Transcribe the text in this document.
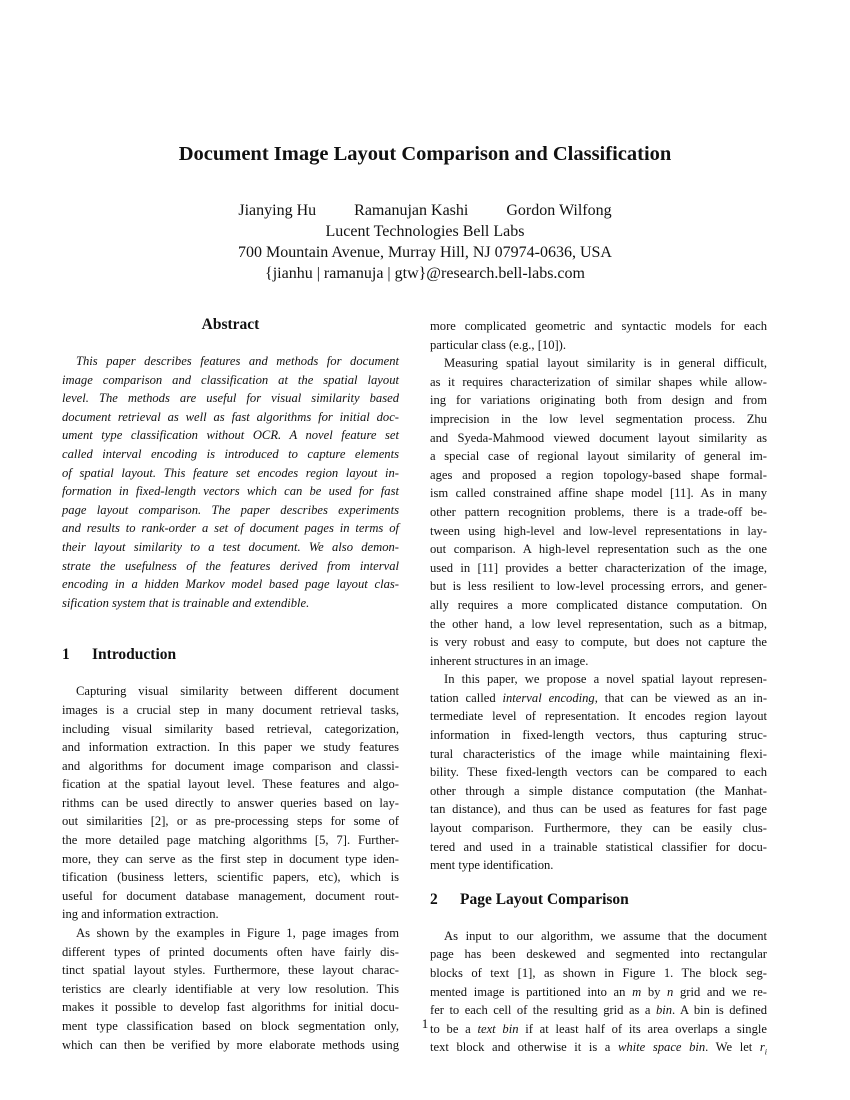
Document Image Layout Comparison and Classification
Jianying Hu Ramanujan Kashi Gordon Wilfong
Lucent Technologies Bell Labs
700 Mountain Avenue, Murray Hill, NJ 07974-0636, USA
{jianhu | ramanuja | gtw}@research.bell-labs.com
Abstract
This paper describes features and methods for document
image comparison and classification at the spatial layout
level. The methods are useful for visual similarity based
document retrieval as well as fast algorithms for initial doc-
ument type classification without OCR. A novel feature set
called interval encoding is introduced to capture elements
of spatial layout. This feature set encodes region layout in-
formation in fixed-length vectors which can be used for fast
page layout comparison. The paper describes experiments
and results to rank-order a set of document pages in terms of
their layout similarity to a test document. We also demon-
strate the usefulness of the features derived from interval
encoding in a hidden Markov model based page layout clas-
sification system that is trainable and extendible.
1 Introduction
Capturing visual similarity between different document
images is a crucial step in many document retrieval tasks,
including visual similarity based retrieval, categorization,
and information extraction. In this paper we study features
and algorithms for document image comparison and classi-
fication at the spatial layout level. These features and algo-
rithms can be used directly to answer queries based on lay-
out similarities [2], or as pre-processing steps for some of
the more detailed page matching algorithms [5, 7]. Further-
more, they can serve as the first step in document type iden-
tification (business letters, scientific papers, etc), which is
useful for document database management, document rout-
ing and information extraction.
As shown by the examples in Figure 1, page images from
different types of printed documents often have fairly dis-
tinct spatial layout styles. Furthermore, these layout charac-
teristics are clearly identifiable at very low resolution. This
makes it possible to develop fast algorithms for initial docu-
ment type classification based on block segmentation only,
which can then be verified by more elaborate methods using
more complicated geometric and syntactic models for each
particular class (e.g., [10]).
Measuring spatial layout similarity is in general difficult,
as it requires characterization of similar shapes while allow-
ing for variations originating both from design and from
imprecision in the low level segmentation process. Zhu
and Syeda-Mahmood viewed document layout similarity as
a special case of regional layout similarity of general im-
ages and proposed a region topology-based shape formal-
ism called constrained affine shape model [11]. As in many
other pattern recognition problems, there is a trade-off be-
tween using high-level and low-level representations in lay-
out comparison. A high-level representation such as the one
used in [11] provides a better characterization of the image,
but is less resilient to low-level processing errors, and gener-
ally requires a more complicated distance computation. On
the other hand, a low level representation, such as a bitmap,
is very robust and easy to compute, but does not capture the
inherent structures in an image.
In this paper, we propose a novel spatial layout represen-
tation called interval encoding, that can be viewed as an in-
termediate level of representation. It encodes region layout
information in fixed-length vectors, thus capturing struc-
tural characteristics of the image while maintaining flexi-
bility. These fixed-length vectors can be compared to each
other through a simple distance computation (the Manhat-
tan distance), and thus can be used as features for fast page
layout comparison. Furthermore, they can be easily clus-
tered and used in a trainable statistical classifier for docu-
ment type identification.
2 Page Layout Comparison
As input to our algorithm, we assume that the document
page has been deskewed and segmented into rectangular
blocks of text [1], as shown in Figure 1. The block seg-
mented image is partitioned into an m by n grid and we re-
fer to each cell of the resulting grid as a bin. A bin is defined
to be a text bin if at least half of its area overlaps a single
text block and otherwise it is a white space bin. We let $r_i$
1
